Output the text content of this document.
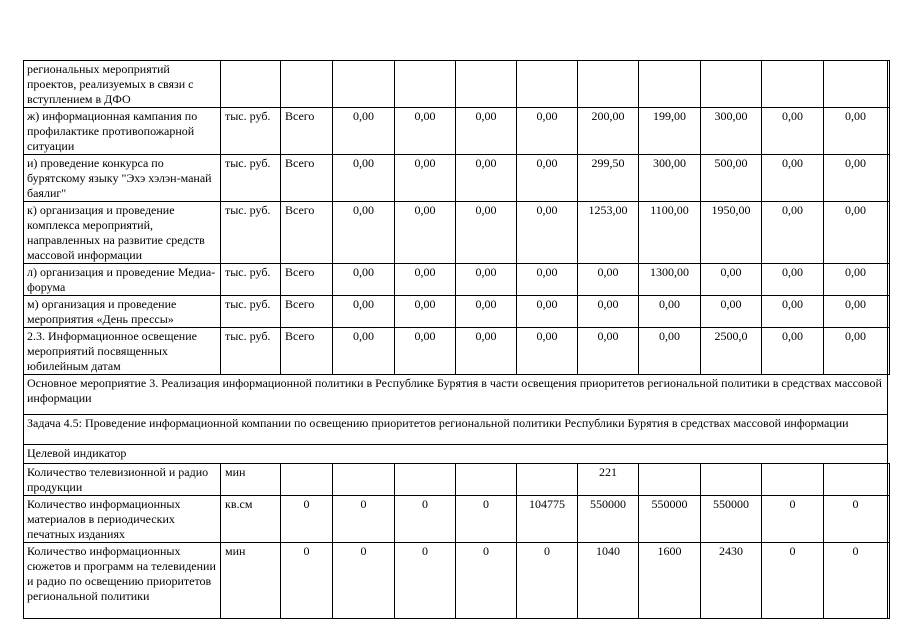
региональных мероприятий проектов, реализуемых в связи с вступлением в ДФО												
ж) информационная кампания по профилактике противопожарной ситуации	тыс. руб.	Всего	0,00	0,00	0,00	0,00	200,00	199,00	300,00	0,00	0,00	
и) проведение конкурса по бурятскому языку "Эхэ хэлэн-манай баялиг"	тыс. руб.	Всего	0,00	0,00	0,00	0,00	299,50	300,00	500,00	0,00	0,00	
к) организация и проведение комплекса мероприятий, направленных на развитие средств массовой информации	тыс. руб.	Всего	0,00	0,00	0,00	0,00	1253,00	1100,00	1950,00	0,00	0,00	
л) организация и проведение Медиа-форума	тыс. руб.	Всего	0,00	0,00	0,00	0,00	0,00	1300,00	0,00	0,00	0,00	
м) организация и проведение мероприятия «День прессы»	тыс. руб.	Всего	0,00	0,00	0,00	0,00	0,00	0,00	0,00	0,00	0,00	
2.3. Информационное освещение мероприятий посвященных юбилейным датам	тыс. руб.	Всего	0,00	0,00	0,00	0,00	0,00	0,00	2500,0	0,00	0,00	
Основное мероприятие 3. Реализация информационной политики в Республике Бурятия в части освещения приоритетов региональной политики в средствах массовой информации												
Задача 4.5: Проведение информационной компании по освещению приоритетов региональной политики Республики Бурятия в средствах массовой информации												
Целевой индикатор												
Количество телевизионной и радио продукции	мин						221					
Количество информационных материалов в периодических печатных изданиях	кв.см	0	0	0	0	104775	550000	550000	550000	0	0	
Количество информационных сюжетов и программ на телевидении и радио по освещению приоритетов региональной политики	мин	0	0	0	0	0	1040	1600	2430	0	0	
